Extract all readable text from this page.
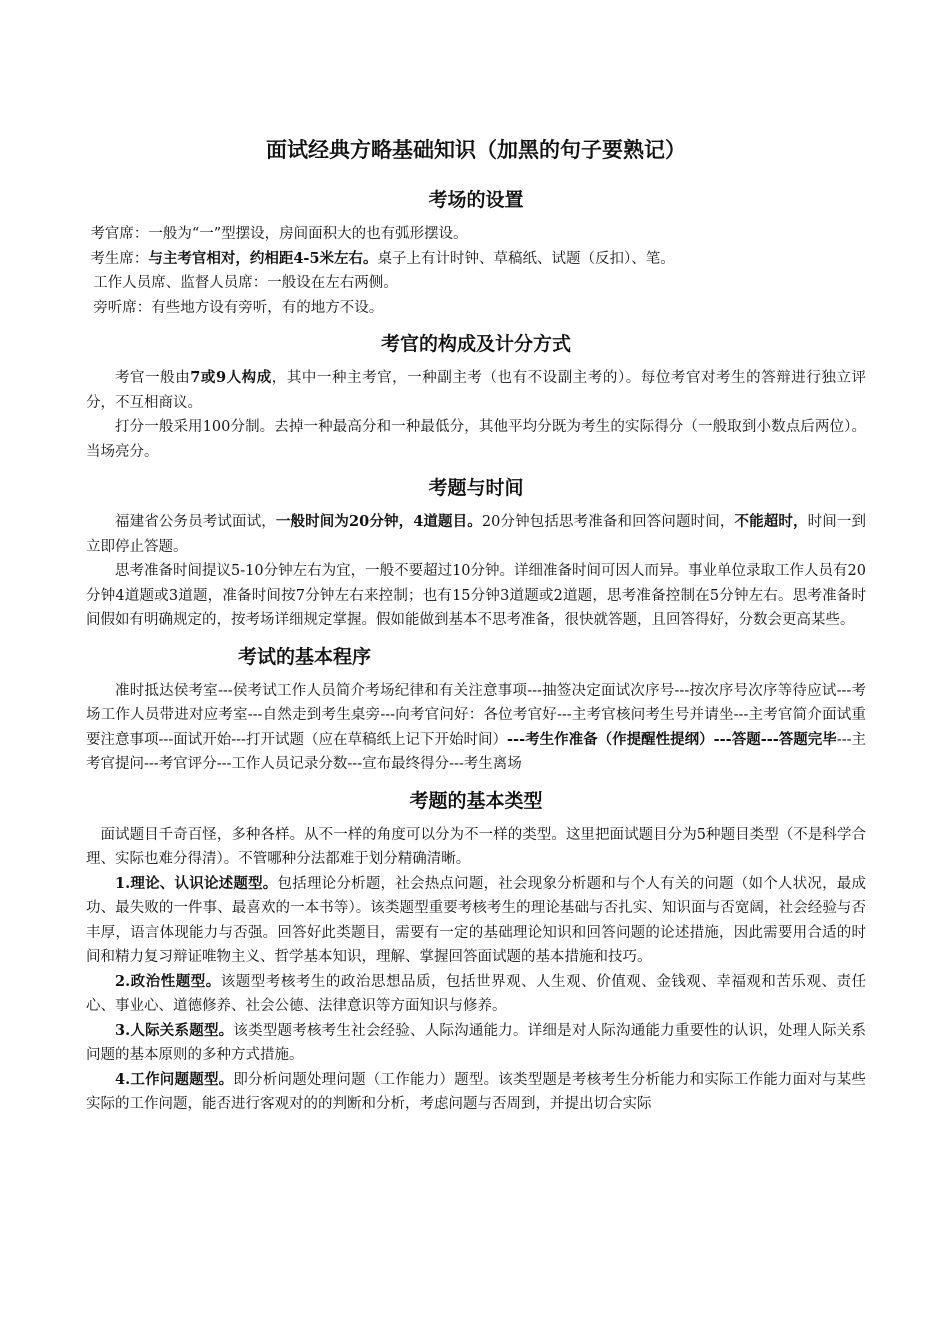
面试经典方略基础知识（加黑的句子要熟记）
考场的设置

考官席：一般为“一”型摆设，房间面积大的也有弧形摆设。

考生席：与主考官相对，约相距4-5米左右。桌子上有计时钟、草稿纸、试题（反扣）、笔。

工作人员席、监督人员席：一般设在左右两侧。

旁听席：有些地方设有旁听，有的地方不设。

考官的构成及计分方式

考官一般由7或9人构成，其中一种主考官，一种副主考（也有不设副主考的）。每位考官对考生的答辩进行独立评分，不互相商议。

打分一般采用100分制。去掉一种最高分和一种最低分，其他平均分既为考生的实际得分（一般取到小数点后两位）。当场亮分。

考题与时间

福建省公务员考试面试，一般时间为20分钟，4道题目。20分钟包括思考准备和回答问题时间，不能超时，时间一到立即停止答题。

思考准备时间提议5-10分钟左右为宜，一般不要超过10分钟。详细准备时间可因人而异。事业单位录取工作人员有20分钟4道题或3道题，准备时间按7分钟左右来控制；也有15分钟3道题或2道题，思考准备控制在5分钟左右。思考准备时间假如有明确规定的，按考场详细规定掌握。假如能做到基本不思考准备，很快就答题，且回答得好，分数会更高某些。

考试的基本程序

准时抵达侯考室---侯考试工作人员简介考场纪律和有关注意事项---抽签决定面试次序号---按次序号次序等待应试---考场工作人员带进对应考室---自然走到考生桌旁---向考官问好：各位考官好---主考官核问考生号并请坐---主考官简介面试重要注意事项---面试开始---打开试题（应在草稿纸上记下开始时间）---考生作准备（作提醒性提纲）---答题---答题完毕---主考官提问---考官评分---工作人员记录分数---宣布最终得分---考生离场

考题的基本类型

面试题目千奇百怪，多种各样。从不一样的角度可以分为不一样的类型。这里把面试题目分为5种题目类型（不是科学合理、实际也难分得清）。不管哪种分法都难于划分精确清晰。

1.理论、认识论述题型。包括理论分析题，社会热点问题，社会现象分析题和与个人有关的问题（如个人状况，最成功、最失败的一件事、最喜欢的一本书等）。该类题型重要考核考生的理论基础与否扎实、知识面与否宽阔，社会经验与否丰厚，语言体现能力与否强。回答好此类题目，需要有一定的基础理论知识和回答问题的论述措施，因此需要用合适的时间和精力复习辩证唯物主义、哲学基本知识，理解、掌握回答面试题的基本措施和技巧。

2.政治性题型。该题型考核考生的政治思想品质，包括世界观、人生观、价值观、金钱观、幸福观和苦乐观、责任心、事业心、道德修养、社会公德、法律意识等方面知识与修养。

3.人际关系题型。该类型题考核考生社会经验、人际沟通能力。详细是对人际沟通能力重要性的认识，处理人际关系问题的基本原则的多种方式措施。

4.工作问题题型。即分析问题处理问题（工作能力）题型。该类型题是考核考生分析能力和实际工作能力面对与某些实际的工作问题，能否进行客观对的的判断和分析，考虑问题与否周到，并提出切合实际
